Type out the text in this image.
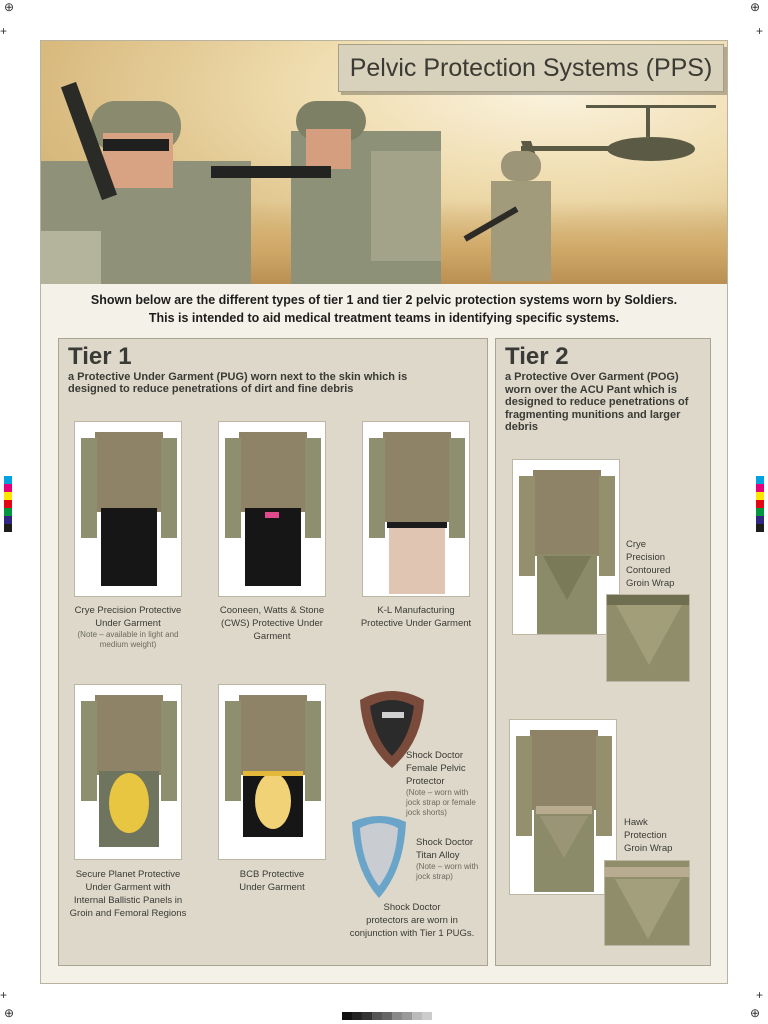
⊕	⊕
⊕	⊕
+	+
+	+
Pelvic Protection Systems (PPS)
Shown below are the different types of tier 1 and tier 2 pelvic protection systems worn by Soldiers.
This is intended to aid medical treatment teams in identifying specific systems.
Tier 1
a Protective Under Garment (PUG) worn next to the skin which is
designed to reduce penetrations of dirt and fine debris
Crye Precision Protective
Under Garment
(Note – available in light and
medium weight)
Cooneen, Watts & Stone
(CWS) Protective Under
Garment
K-L Manufacturing
Protective Under Garment
Secure Planet Protective
Under Garment with
Internal Ballistic Panels in
Groin and Femoral Regions
BCB Protective
Under Garment
Shock Doctor
Female Pelvic
Protector
(Note – worn with
jock strap or female
jock shorts)
Shock Doctor
Titan Alloy
(Note – worn with
jock strap)
Shock Doctor
protectors are worn in
conjunction with Tier 1 PUGs.
Tier 2
a Protective Over Garment (POG)
worn over the ACU Pant which is
designed to reduce penetrations of
fragmenting munitions and larger
debris
Crye
Precision
Contoured
Groin Wrap
Hawk
Protection
Groin Wrap
